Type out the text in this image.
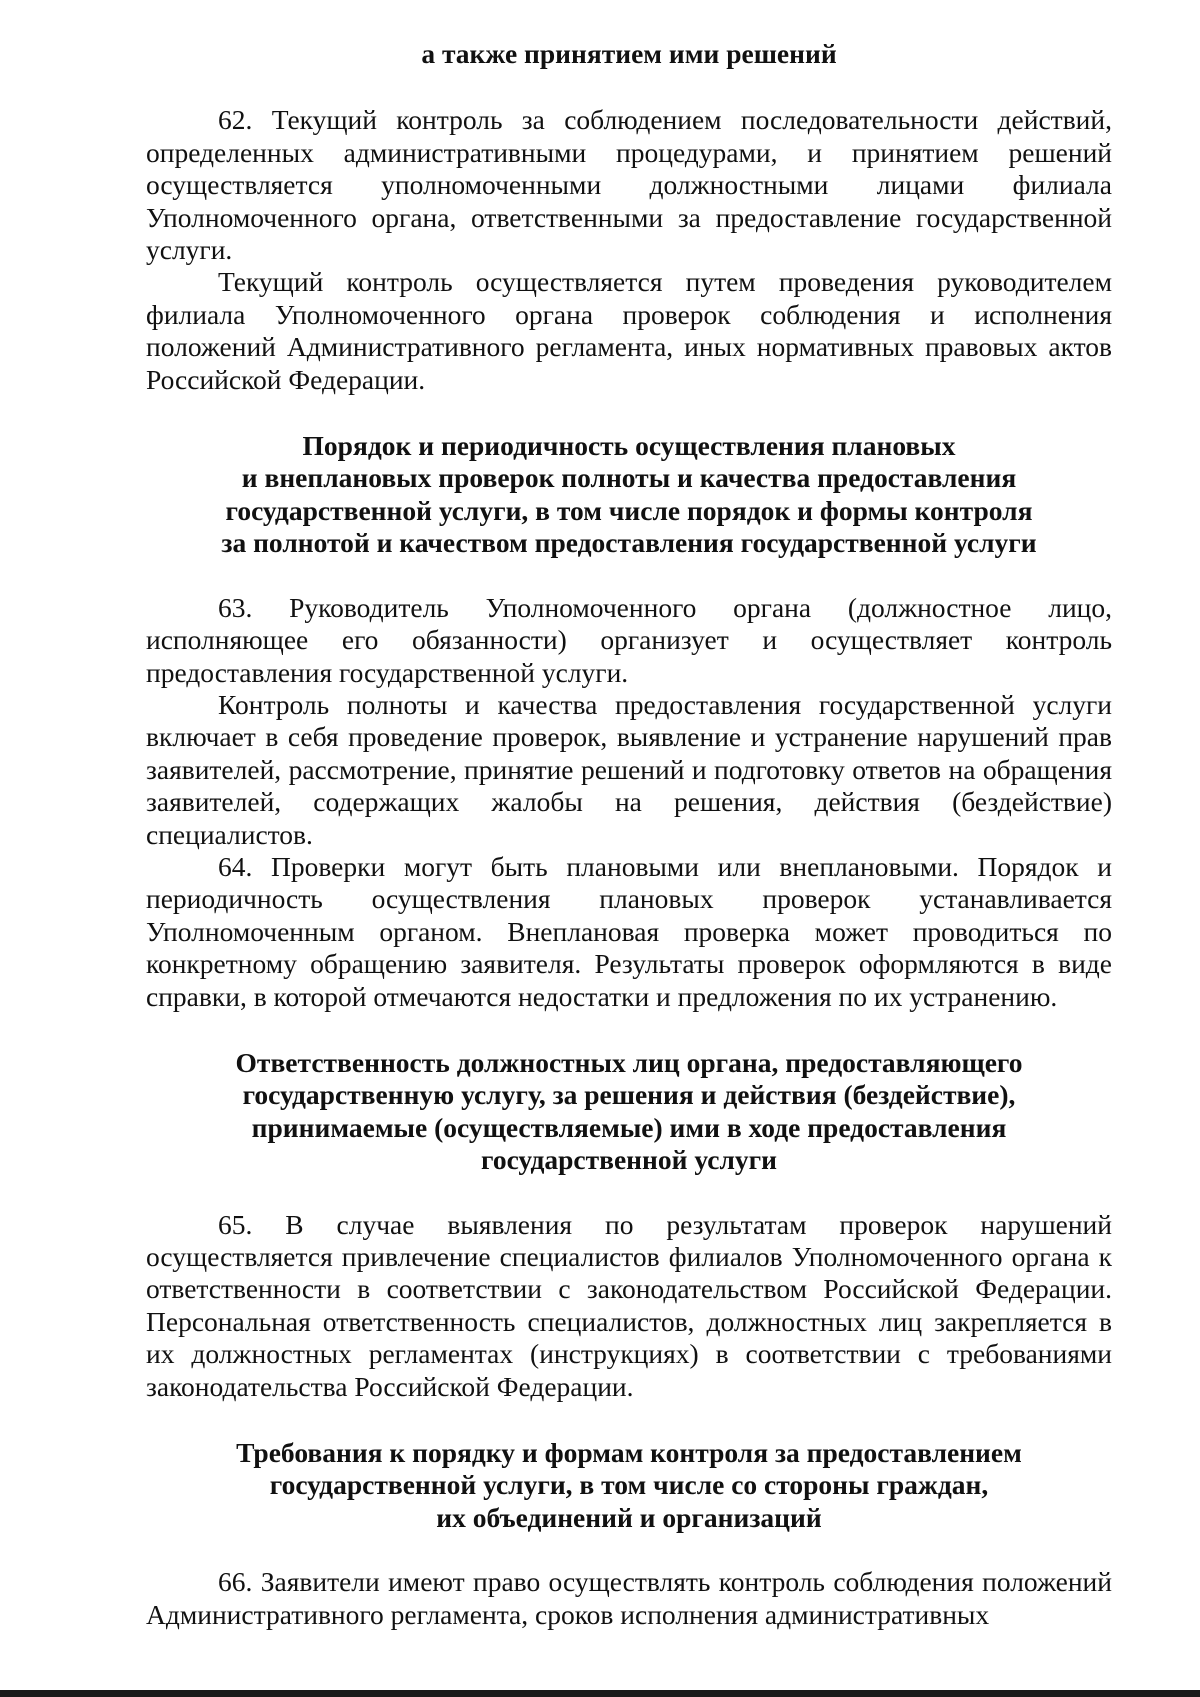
а также принятием ими решений

62. Текущий контроль за соблюдением последовательности действий, определенных административными процедурами, и принятием решений осуществляется уполномоченными должностными лицами филиала Уполномоченного органа, ответственными за предоставление государственной услуги.

Текущий контроль осуществляется путем проведения руководителем филиала Уполномоченного органа проверок соблюдения и исполнения положений Административного регламента, иных нормативных правовых актов Российской Федерации.

Порядок и периодичность осуществления плановых
и внеплановых проверок полноты и качества предоставления
государственной услуги, в том числе порядок и формы контроля
за полнотой и качеством предоставления государственной услуги

63. Руководитель Уполномоченного органа (должностное лицо, исполняющее его обязанности) организует и осуществляет контроль предоставления государственной услуги.

Контроль полноты и качества предоставления государственной услуги включает в себя проведение проверок, выявление и устранение нарушений прав заявителей, рассмотрение, принятие решений и подготовку ответов на обращения заявителей, содержащих жалобы на решения, действия (бездействие) специалистов.

64. Проверки могут быть плановыми или внеплановыми. Порядок и периодичность осуществления плановых проверок устанавливается Уполномоченным органом. Внеплановая проверка может проводиться по конкретному обращению заявителя. Результаты проверок оформляются в виде справки, в которой отмечаются недостатки и предложения по их устранению.

Ответственность должностных лиц органа, предоставляющего
государственную услугу, за решения и действия (бездействие),
принимаемые (осуществляемые) ими в ходе предоставления
государственной услуги

65. В случае выявления по результатам проверок нарушений осуществляется привлечение специалистов филиалов Уполномоченного органа к ответственности в соответствии с законодательством Российской Федерации. Персональная ответственность специалистов, должностных лиц закрепляется в их должностных регламентах (инструкциях) в соответствии с требованиями законодательства Российской Федерации.

Требования к порядку и формам контроля за предоставлением
государственной услуги, в том числе со стороны граждан,
их объединений и организаций

66. Заявители имеют право осуществлять контроль соблюдения положений Административного регламента, сроков исполнения административных
